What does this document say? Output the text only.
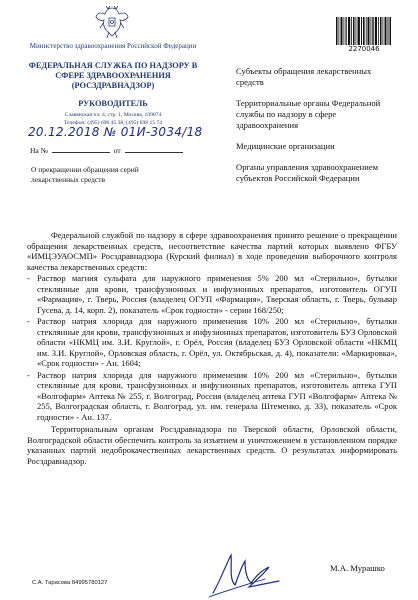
Министерство здравоохранения Российской Федерации
ФЕДЕРАЛЬНАЯ СЛУЖБА ПО НАДЗОРУ В СФЕРЕ ЗДРАВООХРАНЕНИЯ
(РОСЗДРАВНАДЗОР)
РУКОВОДИТЕЛЬ
Славянская пл. 4, стр. 1, Москва, 109074
Телефон: (495) 698 45 38; (495) 698 15 74
20.12.2018 № 01И-3034/18
На №	от
О прекращении обращения серий лекарственных средств
2270046

Субъекты обращения лекарственных средств

Территориальные органы Федеральной службы по надзору в сфере здравоохранения

Медицинские организации

Органы управления здравоохранением субъектов Российской Федерации

Федеральной службой по надзору в сфере здравоохранения принято решение о прекращении обращения лекарственных средств, несоответствие качества партий которых выявлено ФГБУ «ИМЦЭУАОСМП» Росздравнадзора (Курский филиал) в ходе проведения выборочного контроля качества лекарственных средств:

- Раствор магния сульфата для наружного применения 5% 200 мл «Стерильно», бутылки стеклянные для крови, трансфузионных и инфузионных препаратов, изготовитель ОГУП «Фармация», г. Тверь, Россия (владелец ОГУП «Фармация», Тверская область, г. Тверь, бульвар Гусева, д. 14, корп. 2), показатель «Срок годности» - серии 168/250;
- Раствор натрия хлорида для наружного применения 10% 200 мл «Стерильно», бутылки стеклянные для крови, трансфузионных и инфузионных препаратов, изготовитель БУЗ Орловской области «НКМЦ им. З.И. Круглой», г. Орёл, Россия (владелец БУЗ Орловской области «НКМЦ им. З.И. Круглой», Орловская область, г. Орёл, ул. Октябрьская, д. 4), показатели: «Маркировка», «Срок годности» - Ан. 1604;
- Раствор натрия хлорида для наружного применения 10% 200 мл «Стерильно», бутылки стеклянные для крови, трансфузионных и инфузионных препаратов, изготовитель аптека ГУП «Волгофарм» Аптека № 255, г. Волгоград, Россия (владелец аптека ГУП «Волгофарм» Аптека № 255, Волгоградская область, г. Волгоград, ул. им. генерала Штеменко, д. 33), показатель «Срок годности» - Ан. 137.

Территориальным органам Росздравнадзора по Тверской области, Орловской области, Волгоградской области обеспечить контроль за изъятием и уничтожением в установленном порядке указанных партий недоброкачественных лекарственных средств. О результатах информировать Росздравнадзор.

М.А. Мурашко
С.А. Тарасова 84995780127
